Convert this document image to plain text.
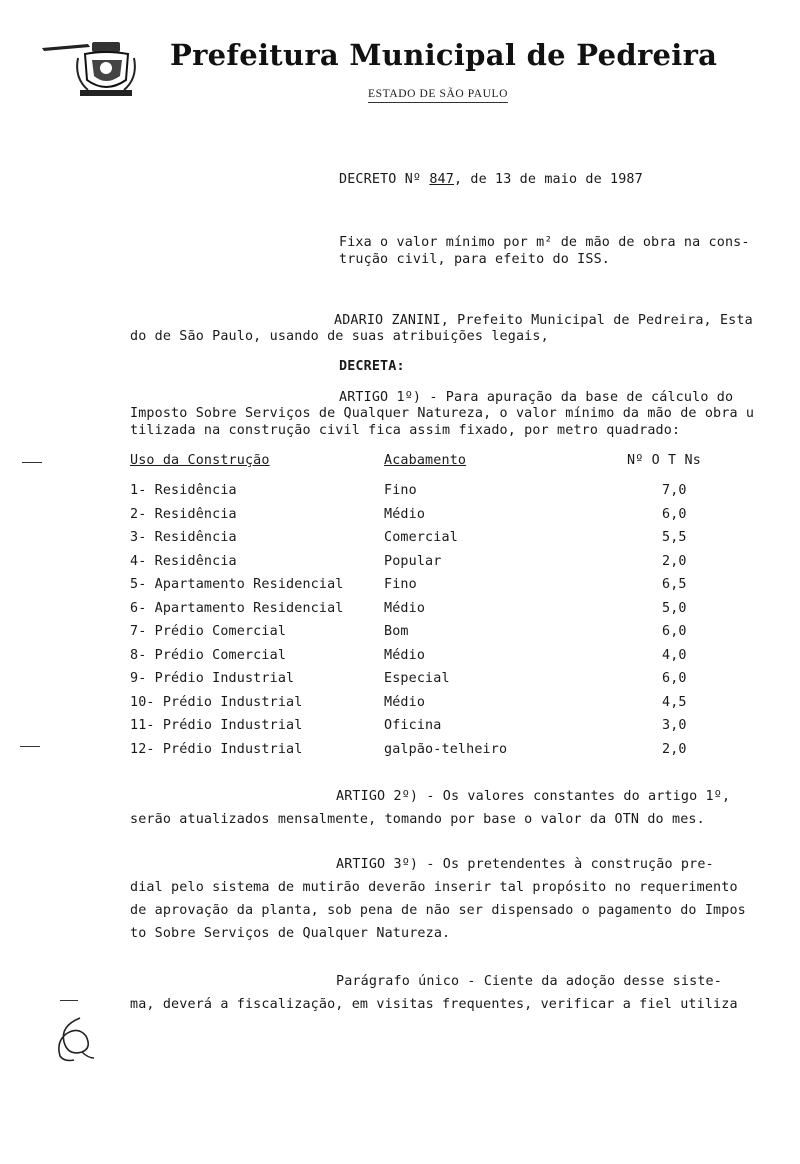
Prefeitura Municipal de Pedreira
ESTADO DE SÃO PAULO
DECRETO Nº 847, de 13 de maio de 1987
Fixa o valor mínimo por m² de mão de obra na cons-
trução civil, para efeito do ISS.
ADARIO ZANINI, Prefeito Municipal de Pedreira, Esta
do de São Paulo, usando de suas atribuições legais,
DECRETA:
ARTIGO 1º) - Para apuração da base de cálculo do
Imposto Sobre Serviços de Qualquer Natureza, o valor mínimo da mão de obra u
tilizada na construção civil fica assim fixado, por metro quadrado:
Uso da Construção	Acabamento	Nº O T Ns
1- Residência	Fino	7,0
2- Residência	Médio	6,0
3- Residência	Comercial	5,5
4- Residência	Popular	2,0
5- Apartamento Residencial	Fino	6,5
6- Apartamento Residencial	Médio	5,0
7- Prédio Comercial	Bom	6,0
8- Prédio Comercial	Médio	4,0
9- Prédio Industrial	Especial	6,0
10- Prédio Industrial	Médio	4,5
11- Prédio Industrial	Oficina	3,0
12- Prédio Industrial	galpão-telheiro	2,0
ARTIGO 2º) - Os valores constantes do artigo 1º,
serão atualizados mensalmente, tomando por base o valor da OTN do mes.
ARTIGO 3º) - Os pretendentes à construção pre-
dial pelo sistema de mutirão deverão inserir tal propósito no requerimento
de aprovação da planta, sob pena de não ser dispensado o pagamento do Impos
to Sobre Serviços de Qualquer Natureza.
Parágrafo único - Ciente da adoção desse siste-
ma, deverá a fiscalização, em visitas frequentes, verificar a fiel utiliza
